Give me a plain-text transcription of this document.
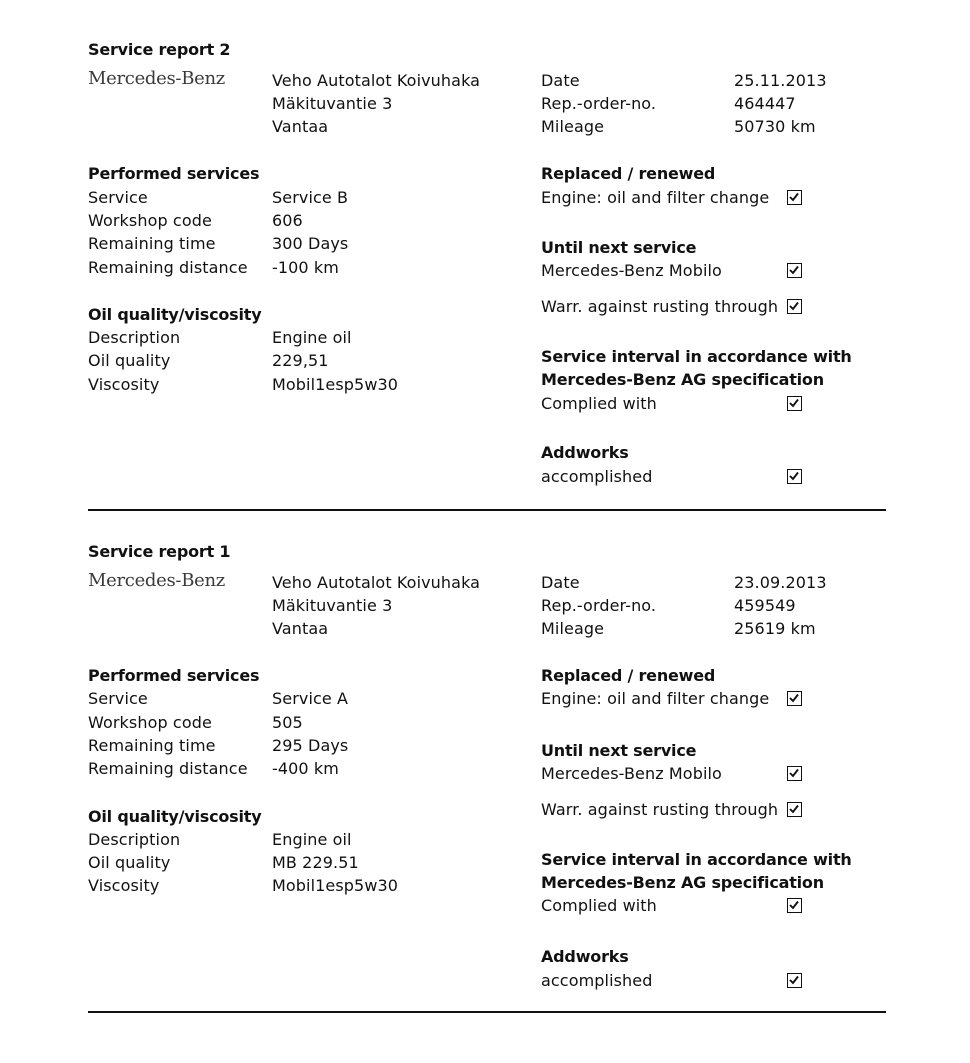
Service report 2
Mercedes-Benz	Veho Autotalot Koivuhaka
Mäkituvantie 3
Vantaa
Date	25.11.2013
Rep.-order-no.	464447
Mileage	50730 km
Performed services
Service	Service B
Workshop code	606
Remaining time	300 Days
Remaining distance -100 km
Oil quality/viscosity
Description	Engine oil
Oil quality	229,51
Viscosity	Mobil1esp5w30
Replaced / renewed
Engine: oil and filter change
Until next service
Mercedes-Benz Mobilo
Warr. against rusting through
Service interval in accordance with
Mercedes-Benz AG specification
Complied with
Addworks
accomplished
Service report 1
Mercedes-Benz	Veho Autotalot Koivuhaka
Mäkituvantie 3
Vantaa
Date	23.09.2013
Rep.-order-no.	459549
Mileage	25619 km
Performed services
Service	Service A
Workshop code	505
Remaining time	295 Days
Remaining distance -400 km
Oil quality/viscosity
Description	Engine oil
Oil quality	MB 229.51
Viscosity	Mobil1esp5w30
Replaced / renewed
Engine: oil and filter change
Until next service
Mercedes-Benz Mobilo
Warr. against rusting through
Service interval in accordance with
Mercedes-Benz AG specification
Complied with
Addworks
accomplished
